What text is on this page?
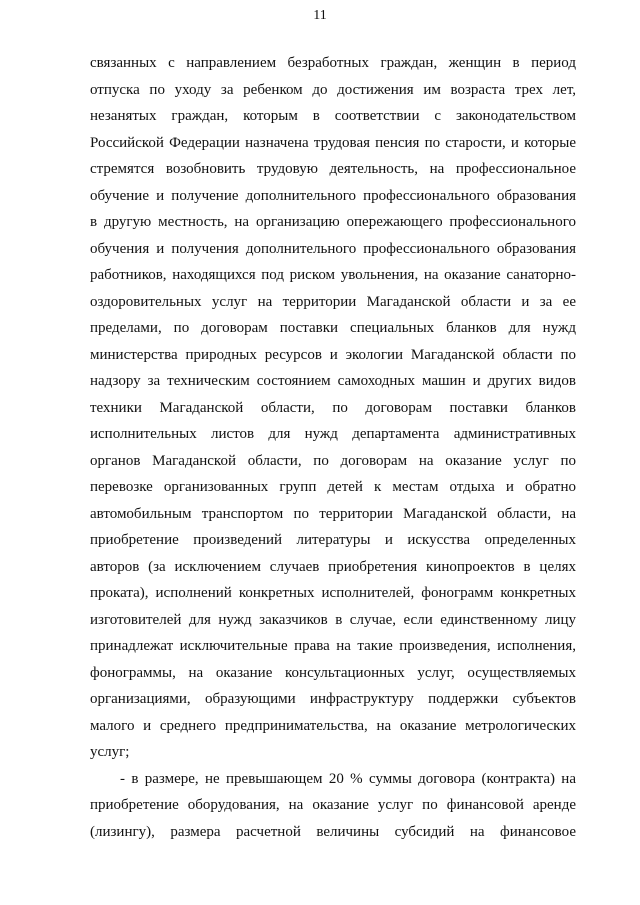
11
связанных с направлением безработных граждан, женщин в период
отпуска по уходу за ребенком до достижения им возраста трех лет,
незанятых граждан, которым в соответствии с законодательством
Российской Федерации назначена трудовая пенсия по старости, и которые
стремятся возобновить трудовую деятельность, на профессиональное
обучение и получение дополнительного профессионального образования
в другую местность, на организацию опережающего профессионального
обучения и получения дополнительного профессионального образования
работников, находящихся под риском увольнения, на оказание санаторно-
оздоровительных услуг на территории Магаданской области и за ее
пределами, по договорам поставки специальных бланков для нужд
министерства природных ресурсов и экологии Магаданской области по
надзору за техническим состоянием самоходных машин и других видов
техники Магаданской области, по договорам поставки бланков
исполнительных листов для нужд департамента административных
органов Магаданской области, по договорам на оказание услуг по
перевозке организованных групп детей к местам отдыха и обратно
автомобильным транспортом по территории Магаданской области, на
приобретение произведений литературы и искусства определенных
авторов (за исключением случаев приобретения кинопроектов в целях
проката), исполнений конкретных исполнителей, фонограмм конкретных
изготовителей для нужд заказчиков в случае, если единственному лицу
принадлежат исключительные права на такие произведения, исполнения,
фонограммы, на оказание консультационных услуг, осуществляемых
организациями, образующими инфраструктуру поддержки субъектов
малого и среднего предпринимательства, на оказание метрологических
услуг;
- в размере, не превышающем 20 % суммы договора (контракта) на
приобретение оборудования, на оказание услуг по финансовой аренде
(лизингу), размера расчетной величины субсидий на финансовое
